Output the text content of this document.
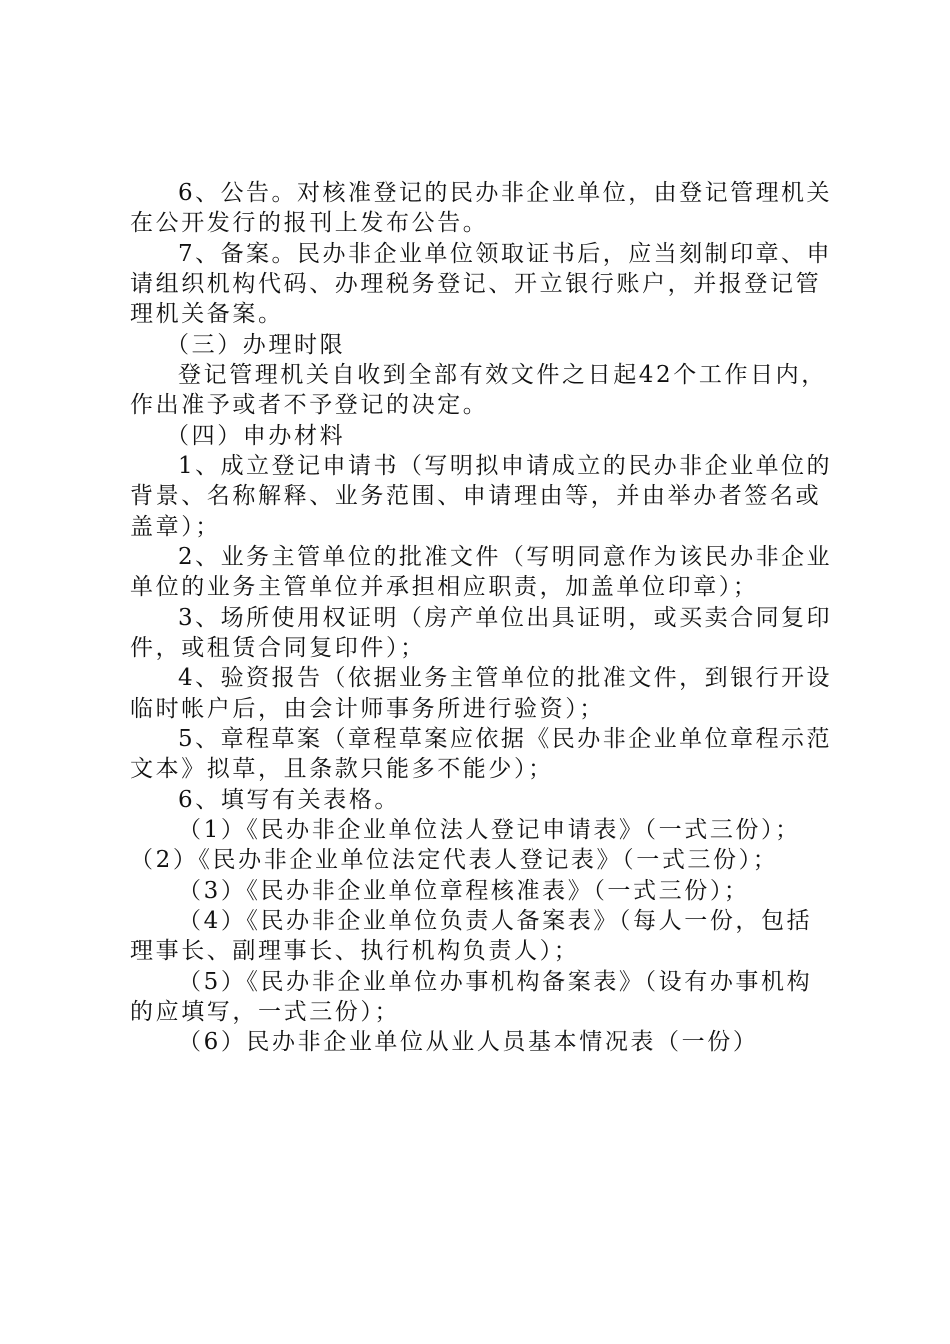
6、公告。对核准登记的民办非企业单位，由登记管理机关
在公开发行的报刊上发布公告。
7、备案。民办非企业单位领取证书后，应当刻制印章、申
请组织机构代码、办理税务登记、开立银行账户，并报登记管
理机关备案。
（三）办理时限
登记管理机关自收到全部有效文件之日起42个工作日内，
作出准予或者不予登记的决定。
（四）申办材料
1、成立登记申请书（写明拟申请成立的民办非企业单位的
背景、名称解释、业务范围、申请理由等，并由举办者签名或
盖章）；
2、业务主管单位的批准文件（写明同意作为该民办非企业
单位的业务主管单位并承担相应职责，加盖单位印章）；
3、场所使用权证明（房产单位出具证明，或买卖合同复印
件，或租赁合同复印件）；
4、验资报告（依据业务主管单位的批准文件，到银行开设
临时帐户后，由会计师事务所进行验资）；
5、章程草案（章程草案应依据《民办非企业单位章程示范
文本》拟草，且条款只能多不能少）；
6、填写有关表格。
（1）《民办非企业单位法人登记申请表》（一式三份）；
（2）《民办非企业单位法定代表人登记表》（一式三份）；
（3）《民办非企业单位章程核准表》（一式三份）；
（4）《民办非企业单位负责人备案表》（每人一份，包括
理事长、副理事长、执行机构负责人）；
（5）《民办非企业单位办事机构备案表》（设有办事机构
的应填写，一式三份）；
（6）民办非企业单位从业人员基本情况表（一份）
